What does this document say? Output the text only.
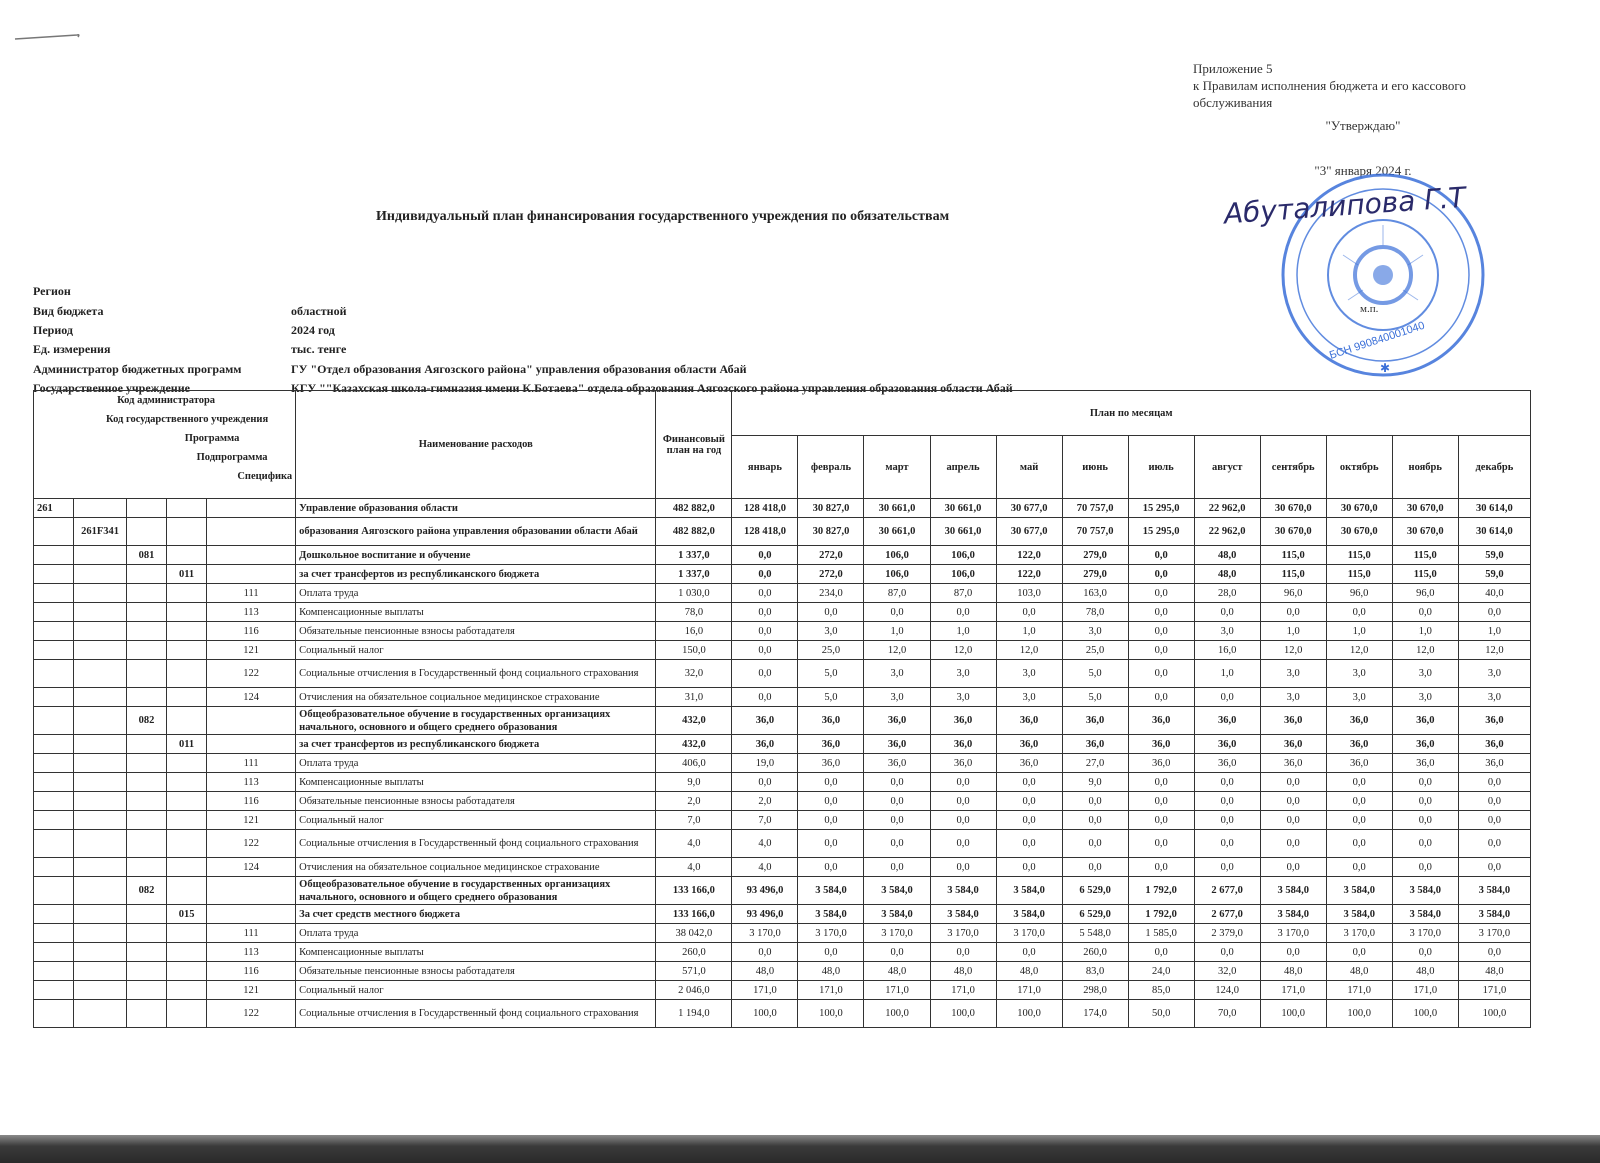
Приложение 5
к Правилам исполнения бюджета и его кассового обслуживания
"Утверждаю"
"3" января 2024 г.
м.п.
БСН 990840001040
✱
Абуталипова Г.Т
Индивидуальный план финансирования государственного учреждения по обязательствам
Регион
Вид бюджета	областной
Период	2024 год
Ед. измерения	тыс. тенге
Администратор бюджетных программ	ГУ "Отдел образования Аягозского района" управления образования области Абай
Государственное учреждение	КГУ ""Казахская школа-гимназия имени К.Ботаева" отдела образования Аягозского района управления образования области Абай
Код администратора
Код государственного учреждения
Программа
Подпрограмма
Специфика					Наименование расходов	Финансовый план на год	План по месяцам											
							январь	февраль	март	апрель	май	июнь	июль	август	сентябрь	октябрь	ноябрь	декабрь
261					Управление образования области	482 882,0	128 418,0	30 827,0	30 661,0	30 661,0	30 677,0	70 757,0	15 295,0	22 962,0	30 670,0	30 670,0	30 670,0	30 614,0
	261F341				образования Аягозского района управления образовании области Абай	482 882,0	128 418,0	30 827,0	30 661,0	30 661,0	30 677,0	70 757,0	15 295,0	22 962,0	30 670,0	30 670,0	30 670,0	30 614,0
		081			Дошкольное воспитание и обучение	1 337,0	0,0	272,0	106,0	106,0	122,0	279,0	0,0	48,0	115,0	115,0	115,0	59,0
			011		за счет трансфертов из республиканского бюджета	1 337,0	0,0	272,0	106,0	106,0	122,0	279,0	0,0	48,0	115,0	115,0	115,0	59,0
				111	Оплата труда	1 030,0	0,0	234,0	87,0	87,0	103,0	163,0	0,0	28,0	96,0	96,0	96,0	40,0
				113	Компенсационные выплаты	78,0	0,0	0,0	0,0	0,0	0,0	78,0	0,0	0,0	0,0	0,0	0,0	0,0
				116	Обязательные пенсионные взносы работадателя	16,0	0,0	3,0	1,0	1,0	1,0	3,0	0,0	3,0	1,0	1,0	1,0	1,0
				121	Социальный налог	150,0	0,0	25,0	12,0	12,0	12,0	25,0	0,0	16,0	12,0	12,0	12,0	12,0
				122	Социальные отчисления в Государственный фонд социального страхования	32,0	0,0	5,0	3,0	3,0	3,0	5,0	0,0	1,0	3,0	3,0	3,0	3,0
				124	Отчисления на обязательное социальное медицинское страхование	31,0	0,0	5,0	3,0	3,0	3,0	5,0	0,0	0,0	3,0	3,0	3,0	3,0
		082			Общеобразовательное обучение в государственных организациях начального, основного и общего среднего образования	432,0	36,0	36,0	36,0	36,0	36,0	36,0	36,0	36,0	36,0	36,0	36,0	36,0
			011		за счет трансфертов из республиканского бюджета	432,0	36,0	36,0	36,0	36,0	36,0	36,0	36,0	36,0	36,0	36,0	36,0	36,0
				111	Оплата труда	406,0	19,0	36,0	36,0	36,0	36,0	27,0	36,0	36,0	36,0	36,0	36,0	36,0
				113	Компенсационные выплаты	9,0	0,0	0,0	0,0	0,0	0,0	9,0	0,0	0,0	0,0	0,0	0,0	0,0
				116	Обязательные пенсионные взносы работадателя	2,0	2,0	0,0	0,0	0,0	0,0	0,0	0,0	0,0	0,0	0,0	0,0	0,0
				121	Социальный налог	7,0	7,0	0,0	0,0	0,0	0,0	0,0	0,0	0,0	0,0	0,0	0,0	0,0
				122	Социальные отчисления в Государственный фонд социального страхования	4,0	4,0	0,0	0,0	0,0	0,0	0,0	0,0	0,0	0,0	0,0	0,0	0,0
				124	Отчисления на обязательное социальное медицинское страхование	4,0	4,0	0,0	0,0	0,0	0,0	0,0	0,0	0,0	0,0	0,0	0,0	0,0
		082			Общеобразовательное обучение в государственных организациях начального, основного и общего среднего образования	133 166,0	93 496,0	3 584,0	3 584,0	3 584,0	3 584,0	6 529,0	1 792,0	2 677,0	3 584,0	3 584,0	3 584,0	3 584,0
			015		За счет средств местного бюджета	133 166,0	93 496,0	3 584,0	3 584,0	3 584,0	3 584,0	6 529,0	1 792,0	2 677,0	3 584,0	3 584,0	3 584,0	3 584,0
				111	Оплата труда	38 042,0	3 170,0	3 170,0	3 170,0	3 170,0	3 170,0	5 548,0	1 585,0	2 379,0	3 170,0	3 170,0	3 170,0	3 170,0
				113	Компенсационные выплаты	260,0	0,0	0,0	0,0	0,0	0,0	260,0	0,0	0,0	0,0	0,0	0,0	0,0
				116	Обязательные пенсионные взносы работадателя	571,0	48,0	48,0	48,0	48,0	48,0	83,0	24,0	32,0	48,0	48,0	48,0	48,0
				121	Социальный налог	2 046,0	171,0	171,0	171,0	171,0	171,0	298,0	85,0	124,0	171,0	171,0	171,0	171,0
				122	Социальные отчисления в Государственный фонд социального страхования	1 194,0	100,0	100,0	100,0	100,0	100,0	174,0	50,0	70,0	100,0	100,0	100,0	100,0
